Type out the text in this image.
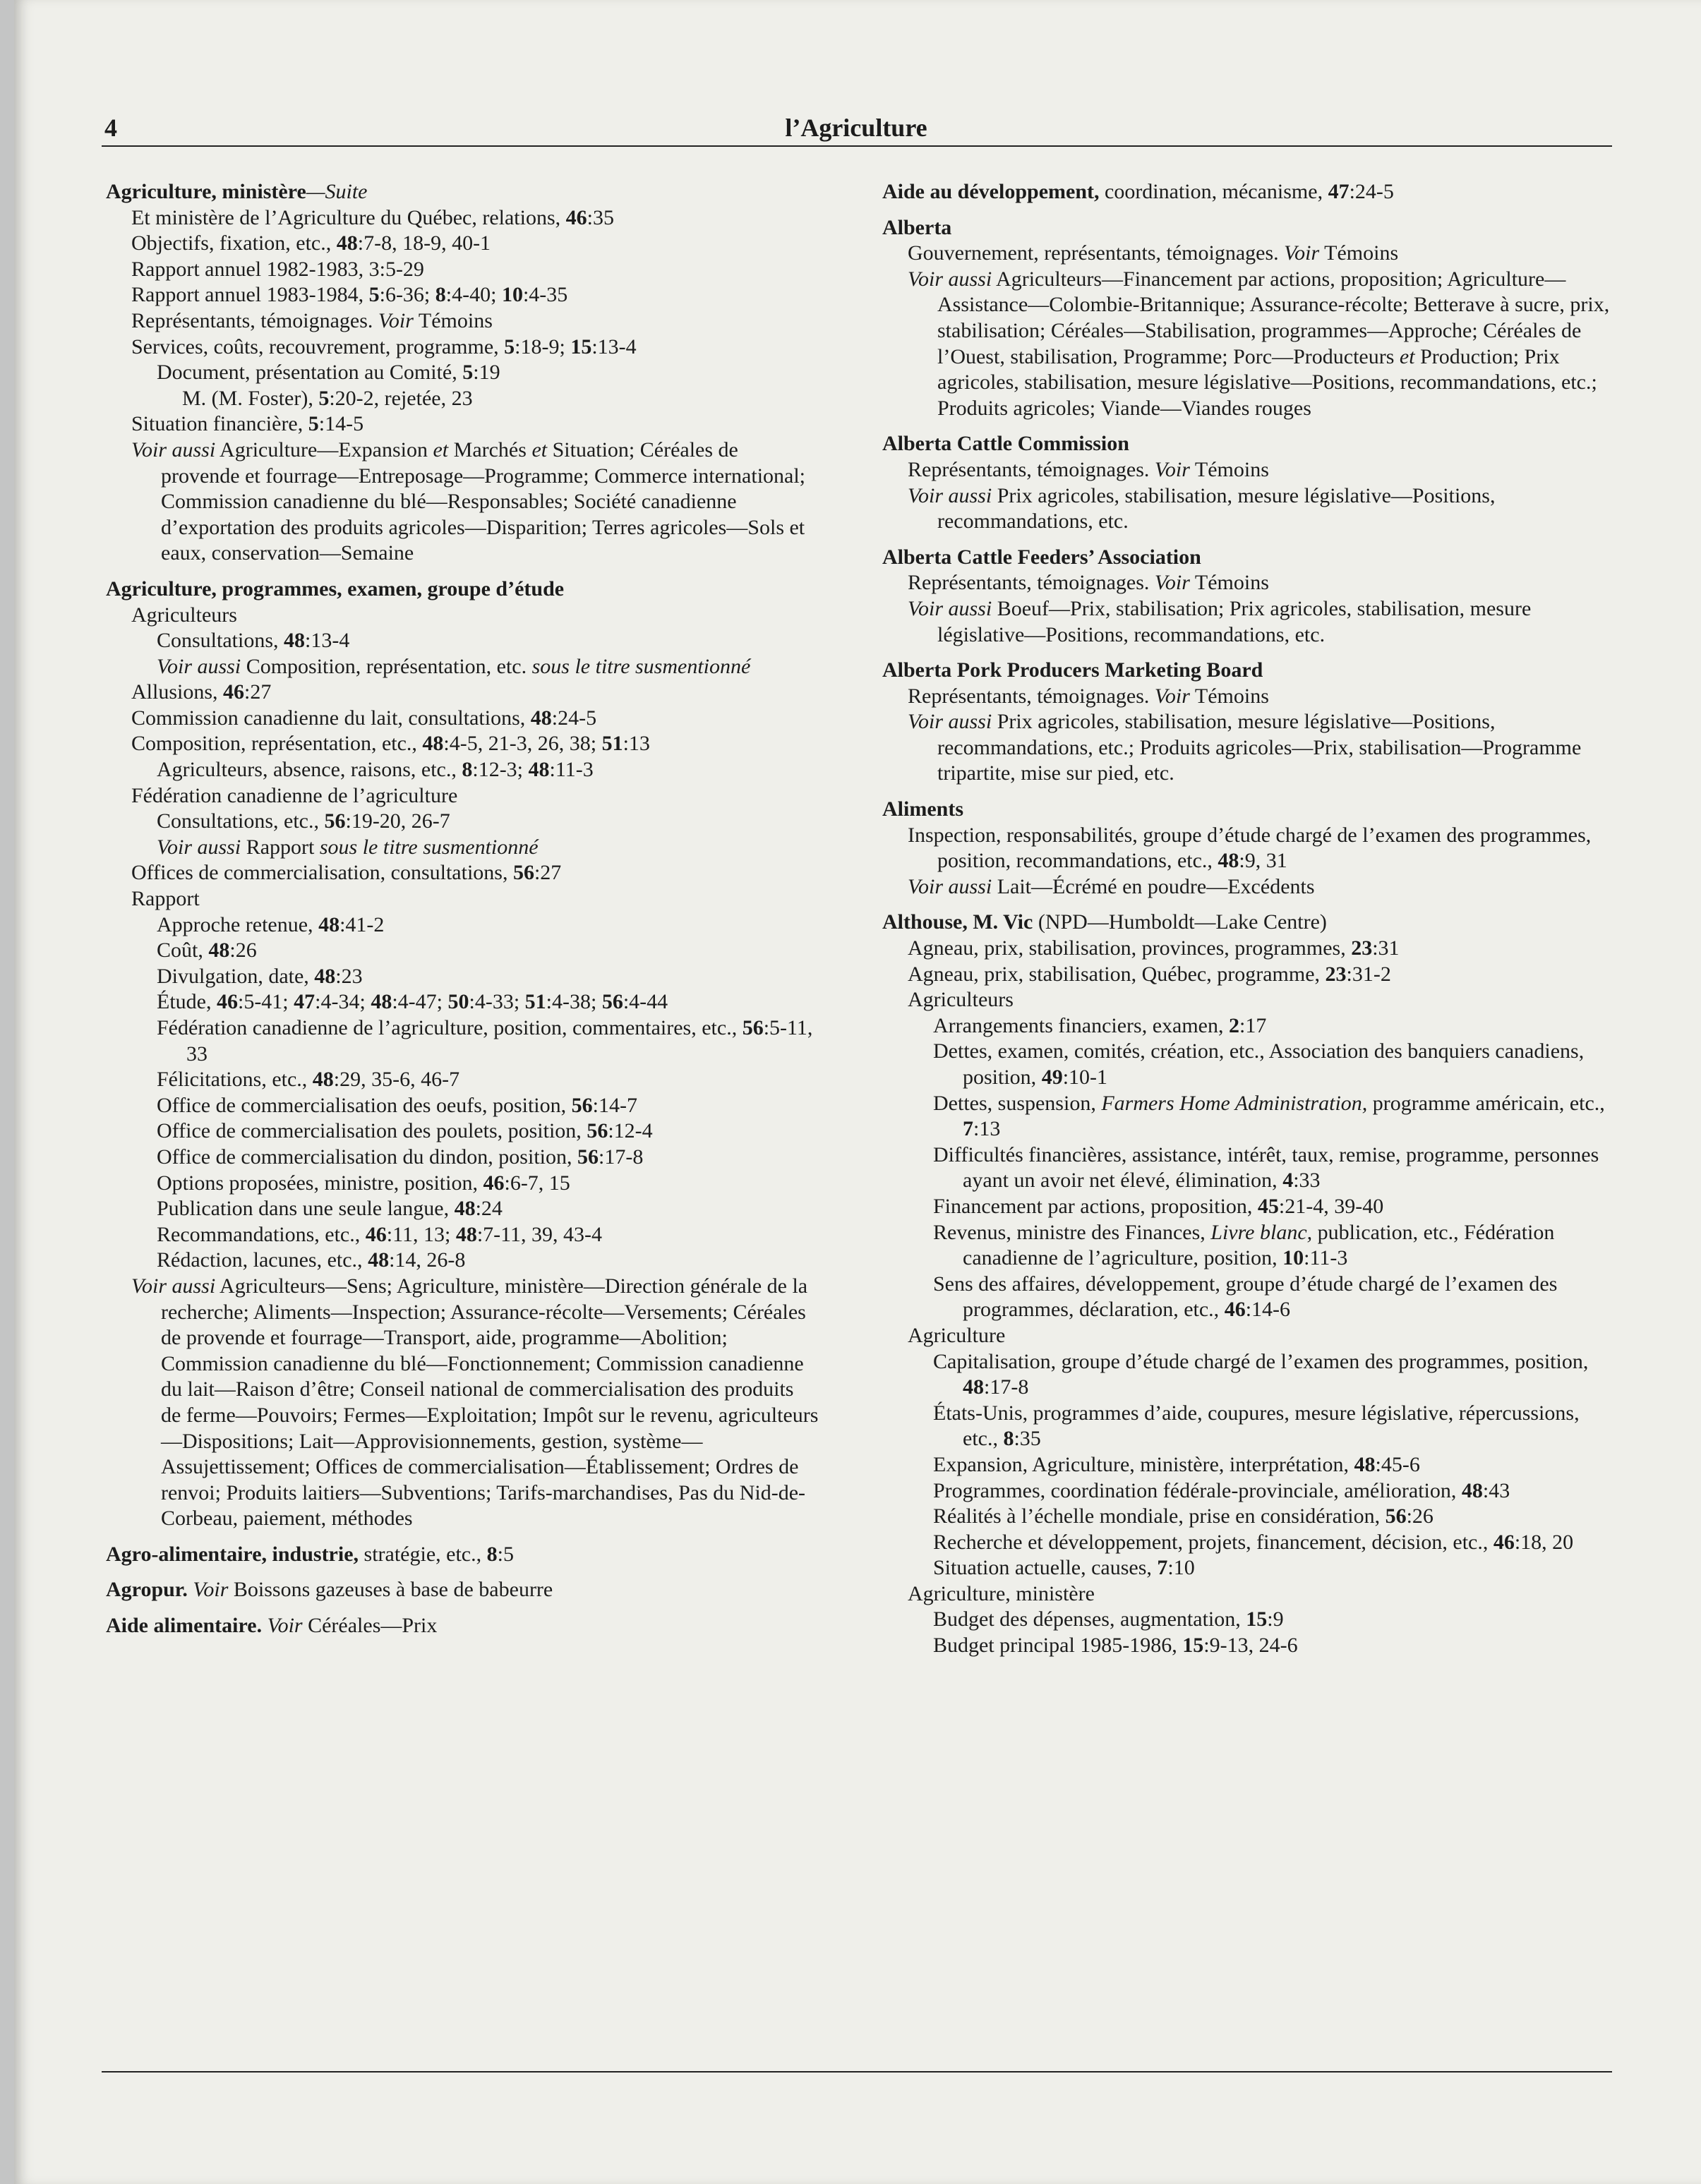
4	l’Agriculture
Agriculture, ministère—Suite
Et ministère de l’Agriculture du Québec, relations, 46:35
Objectifs, fixation, etc., 48:7-8, 18-9, 40-1
Rapport annuel 1982-1983, 3:5-29
Rapport annuel 1983-1984, 5:6-36; 8:4-40; 10:4-35
Représentants, témoignages. Voir Témoins
Services, coûts, recouvrement, programme, 5:18-9; 15:13-4
Document, présentation au Comité, 5:19
M. (M. Foster), 5:20-2, rejetée, 23
Situation financière, 5:14-5
Voir aussi Agriculture—Expansion et Marchés et Situation; Céréales de provende et fourrage—Entreposage—Programme; Commerce international; Commission canadienne du blé—Responsables; Société canadienne d’exportation des produits agricoles—Disparition; Terres agricoles—Sols et eaux, conservation—Semaine
Agriculture, programmes, examen, groupe d’étude
Agriculteurs
Consultations, 48:13-4
Voir aussi Composition, représentation, etc. sous le titre susmentionné
Allusions, 46:27
Commission canadienne du lait, consultations, 48:24-5
Composition, représentation, etc., 48:4-5, 21-3, 26, 38; 51:13
Agriculteurs, absence, raisons, etc., 8:12-3; 48:11-3
Fédération canadienne de l’agriculture
Consultations, etc., 56:19-20, 26-7
Voir aussi Rapport sous le titre susmentionné
Offices de commercialisation, consultations, 56:27
Rapport
Approche retenue, 48:41-2
Coût, 48:26
Divulgation, date, 48:23
Étude, 46:5-41; 47:4-34; 48:4-47; 50:4-33; 51:4-38; 56:4-44
Fédération canadienne de l’agriculture, position, commentaires, etc., 56:5-11, 33
Félicitations, etc., 48:29, 35-6, 46-7
Office de commercialisation des oeufs, position, 56:14-7
Office de commercialisation des poulets, position, 56:12-4
Office de commercialisation du dindon, position, 56:17-8
Options proposées, ministre, position, 46:6-7, 15
Publication dans une seule langue, 48:24
Recommandations, etc., 46:11, 13; 48:7-11, 39, 43-4
Rédaction, lacunes, etc., 48:14, 26-8
Voir aussi Agriculteurs—Sens; Agriculture, ministère—Direction générale de la recherche; Aliments—Inspection; Assurance-récolte—Versements; Céréales de provende et fourrage—Transport, aide, programme—Abolition; Commission canadienne du blé—Fonctionnement; Commission canadienne du lait—Raison d’être; Conseil national de commercialisation des produits de ferme—Pouvoirs; Fermes—Exploitation; Impôt sur le revenu, agriculteurs—Dispositions; Lait—Approvisionnements, gestion, système—Assujettissement; Offices de commercialisation—Établissement; Ordres de renvoi; Produits laitiers—Subventions; Tarifs-marchandises, Pas du Nid-de-Corbeau, paiement, méthodes
Agro-alimentaire, industrie, stratégie, etc., 8:5
Agropur. Voir Boissons gazeuses à base de babeurre
Aide alimentaire. Voir Céréales—Prix
Aide au développement, coordination, mécanisme, 47:24-5
Alberta
Gouvernement, représentants, témoignages. Voir Témoins
Voir aussi Agriculteurs—Financement par actions, proposition; Agriculture—Assistance—Colombie-Britannique; Assurance-récolte; Betterave à sucre, prix, stabilisation; Céréales—Stabilisation, programmes—Approche; Céréales de l’Ouest, stabilisation, Programme; Porc—Producteurs et Production; Prix agricoles, stabilisation, mesure législative—Positions, recommandations, etc.; Produits agricoles; Viande—Viandes rouges
Alberta Cattle Commission
Représentants, témoignages. Voir Témoins
Voir aussi Prix agricoles, stabilisation, mesure législative—Positions, recommandations, etc.
Alberta Cattle Feeders’ Association
Représentants, témoignages. Voir Témoins
Voir aussi Boeuf—Prix, stabilisation; Prix agricoles, stabilisation, mesure législative—Positions, recommandations, etc.
Alberta Pork Producers Marketing Board
Représentants, témoignages. Voir Témoins
Voir aussi Prix agricoles, stabilisation, mesure législative—Positions, recommandations, etc.; Produits agricoles—Prix, stabilisation—Programme tripartite, mise sur pied, etc.
Aliments
Inspection, responsabilités, groupe d’étude chargé de l’examen des programmes, position, recommandations, etc., 48:9, 31
Voir aussi Lait—Écrémé en poudre—Excédents
Althouse, M. Vic (NPD—Humboldt—Lake Centre)
Agneau, prix, stabilisation, provinces, programmes, 23:31
Agneau, prix, stabilisation, Québec, programme, 23:31-2
Agriculteurs
Arrangements financiers, examen, 2:17
Dettes, examen, comités, création, etc., Association des banquiers canadiens, position, 49:10-1
Dettes, suspension, Farmers Home Administration, programme américain, etc., 7:13
Difficultés financières, assistance, intérêt, taux, remise, programme, personnes ayant un avoir net élevé, élimination, 4:33
Financement par actions, proposition, 45:21-4, 39-40
Revenus, ministre des Finances, Livre blanc, publication, etc., Fédération canadienne de l’agriculture, position, 10:11-3
Sens des affaires, développement, groupe d’étude chargé de l’examen des programmes, déclaration, etc., 46:14-6
Agriculture
Capitalisation, groupe d’étude chargé de l’examen des programmes, position, 48:17-8
États-Unis, programmes d’aide, coupures, mesure législative, répercussions, etc., 8:35
Expansion, Agriculture, ministère, interprétation, 48:45-6
Programmes, coordination fédérale-provinciale, amélioration, 48:43
Réalités à l’échelle mondiale, prise en considération, 56:26
Recherche et développement, projets, financement, décision, etc., 46:18, 20
Situation actuelle, causes, 7:10
Agriculture, ministère
Budget des dépenses, augmentation, 15:9
Budget principal 1985-1986, 15:9-13, 24-6
